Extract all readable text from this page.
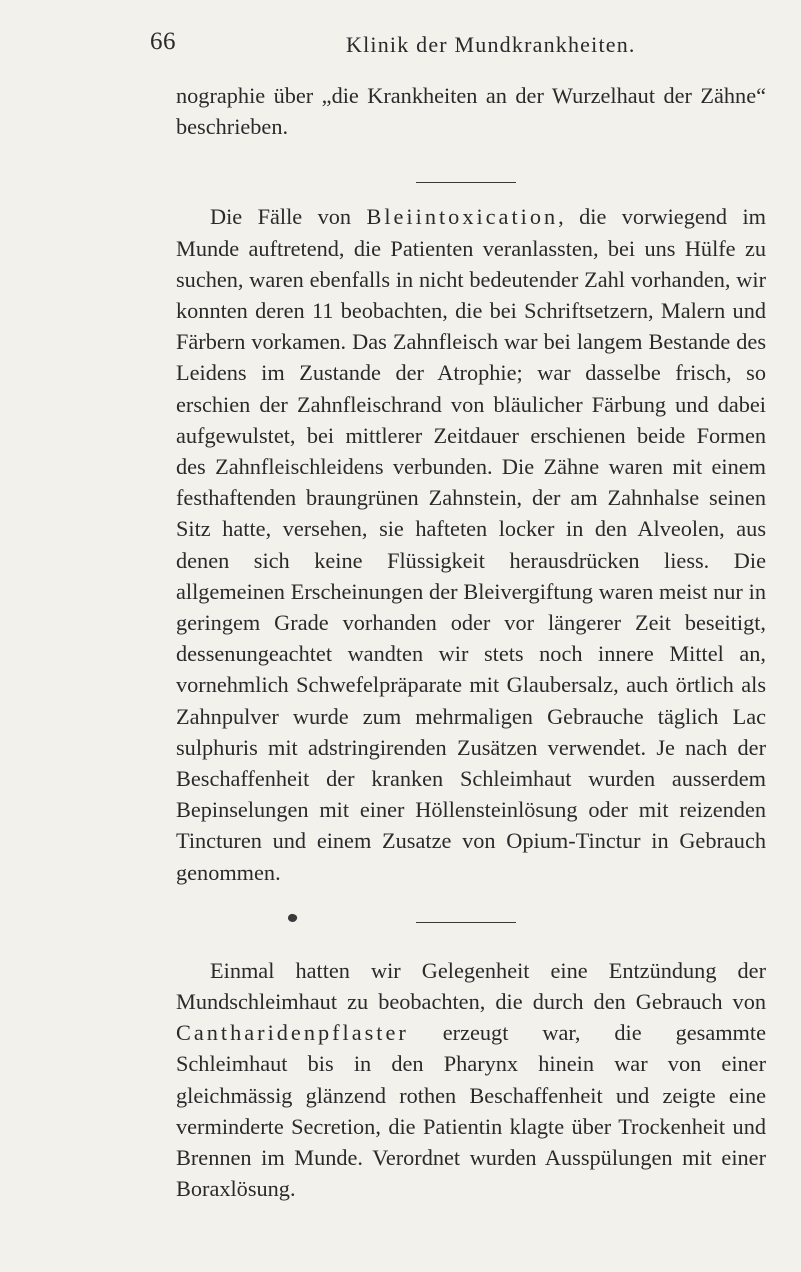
66	Klinik der Mundkrankheiten.

nographie über „die Krankheiten an der Wurzelhaut der Zähne“ beschrieben.

Die Fälle von Bleiintoxication, die vorwiegend im Munde auftretend, die Patienten veranlassten, bei uns Hülfe zu suchen, waren ebenfalls in nicht bedeutender Zahl vorhanden, wir konnten deren 11 beobachten, die bei Schriftsetzern, Malern und Färbern vorkamen. Das Zahnfleisch war bei langem Bestande des Leidens im Zustande der Atrophie; war dasselbe frisch, so erschien der Zahnfleischrand von bläulicher Färbung und dabei aufgewulstet, bei mittlerer Zeitdauer erschienen beide Formen des Zahnfleischleidens verbunden. Die Zähne waren mit einem festhaftenden braungrünen Zahnstein, der am Zahnhalse seinen Sitz hatte, versehen, sie hafteten locker in den Alveolen, aus denen sich keine Flüssigkeit herausdrücken liess. Die allgemeinen Erscheinungen der Bleivergiftung waren meist nur in geringem Grade vorhanden oder vor längerer Zeit beseitigt, dessenungeachtet wandten wir stets noch innere Mittel an, vornehmlich Schwefelpräparate mit Glaubersalz, auch örtlich als Zahnpulver wurde zum mehrmaligen Gebrauche täglich Lac sulphuris mit adstringirenden Zusätzen verwendet. Je nach der Beschaffenheit der kranken Schleimhaut wurden ausserdem Bepinselungen mit einer Höllensteinlösung oder mit reizenden Tincturen und einem Zusatze von Opium-Tinctur in Gebrauch genommen.

Einmal hatten wir Gelegenheit eine Entzündung der Mundschleimhaut zu beobachten, die durch den Gebrauch von Cantharidenpflaster erzeugt war, die gesammte Schleimhaut bis in den Pharynx hinein war von einer gleichmässig glänzend rothen Beschaffenheit und zeigte eine verminderte Secretion, die Patientin klagte über Trockenheit und Brennen im Munde. Verordnet wurden Ausspülungen mit einer Boraxlösung.
